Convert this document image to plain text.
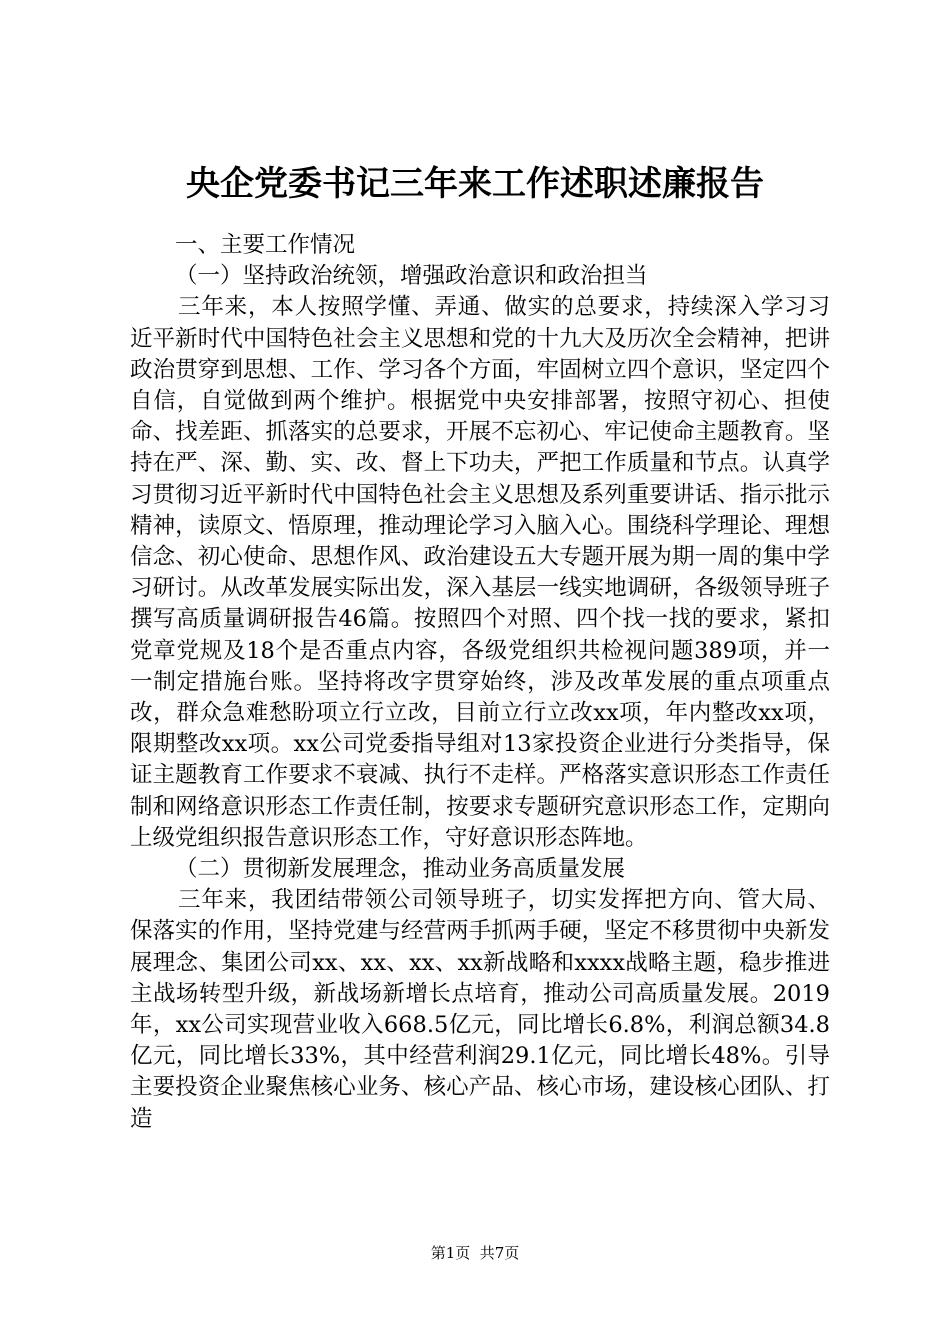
央企党委书记三年来工作述职述廉报告

一、主要工作情况

（一）坚持政治统领，增强政治意识和政治担当

三年来，本人按照学懂、弄通、做实的总要求，持续深入学习习近平新时代中国特色社会主义思想和党的十九大及历次全会精神，把讲政治贯穿到思想、工作、学习各个方面，牢固树立四个意识，坚定四个自信，自觉做到两个维护。根据党中央安排部署，按照守初心、担使命、找差距、抓落实的总要求，开展不忘初心、牢记使命主题教育。坚持在严、深、勤、实、改、督上下功夫，严把工作质量和节点。认真学习贯彻习近平新时代中国特色社会主义思想及系列重要讲话、指示批示精神，读原文、悟原理，推动理论学习入脑入心。围绕科学理论、理想信念、初心使命、思想作风、政治建设五大专题开展为期一周的集中学习研讨。从改革发展实际出发，深入基层一线实地调研，各级领导班子撰写高质量调研报告46篇。按照四个对照、四个找一找的要求，紧扣党章党规及18个是否重点内容，各级党组织共检视问题389项，并一一制定措施台账。坚持将改字贯穿始终，涉及改革发展的重点项重点改，群众急难愁盼项立行立改，目前立行立改xx项，年内整改xx项，限期整改xx项。xx公司党委指导组对13家投资企业进行分类指导，保证主题教育工作要求不衰减、执行不走样。严格落实意识形态工作责任制和网络意识形态工作责任制，按要求专题研究意识形态工作，定期向上级党组织报告意识形态工作，守好意识形态阵地。

（二）贯彻新发展理念，推动业务高质量发展

三年来，我团结带领公司领导班子，切实发挥把方向、管大局、保落实的作用，坚持党建与经营两手抓两手硬，坚定不移贯彻中央新发展理念、集团公司xx、xx、xx、xx新战略和xxxx战略主题，稳步推进主战场转型升级，新战场新增长点培育，推动公司高质量发展。2019年，xx公司实现营业收入668.5亿元，同比增长6.8%，利润总额34.8亿元，同比增长33%，其中经营利润29.1亿元，同比增长48%。引导主要投资企业聚焦核心业务、核心产品、核心市场，建设核心团队、打造

第1页  共7页
